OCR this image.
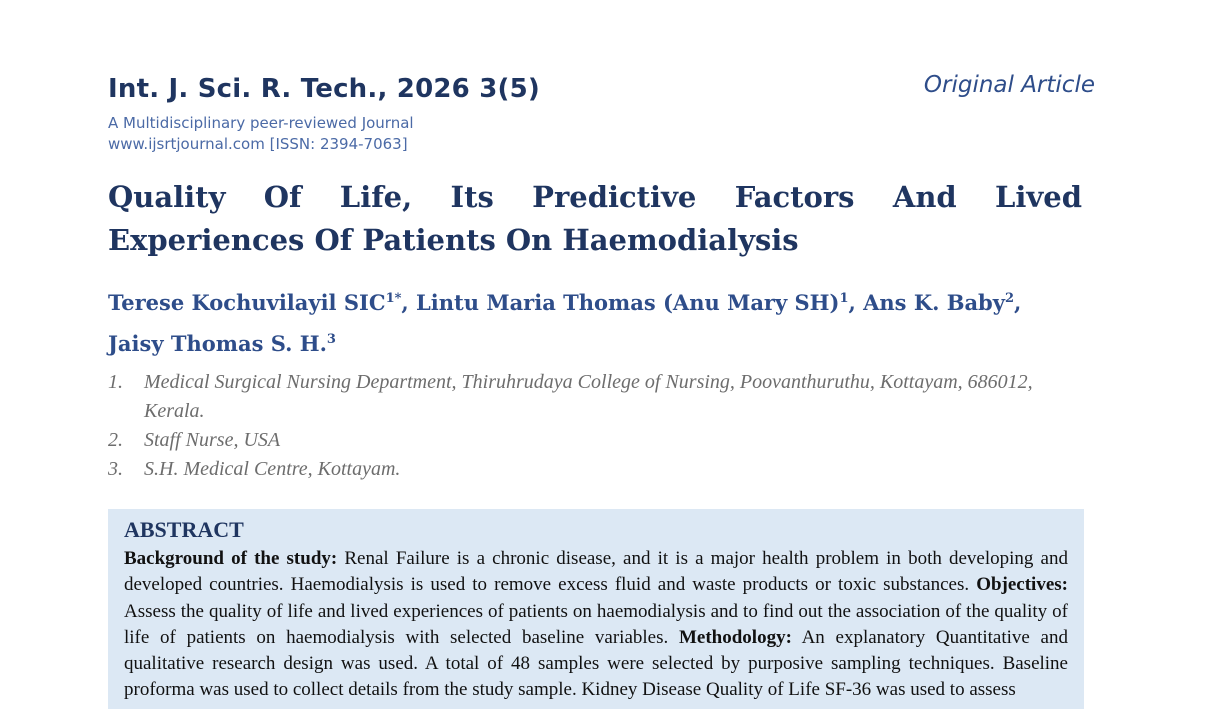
Int. J. Sci. R. Tech., 2026 3(5)	Original Article
A Multidisciplinary peer-reviewed Journal
www.ijsrtjournal.com [ISSN: 2394-7063]
Quality Of Life, Its Predictive Factors And Lived Experiences Of Patients On Haemodialysis
Terese Kochuvilayil $SIC^{1*}$, Lintu Maria Thomas (Anu Mary SH)$^1$, Ans K. Baby$^2$,
Jaisy Thomas S. H.$^3$
1.	Medical Surgical Nursing Department, Thiruhrudaya College of Nursing, Poovanthuruthu, Kottayam, 686012, Kerala.
2.	Staff Nurse, USA
3.	S.H. Medical Centre, Kottayam.
ABSTRACT
Background of the study: Renal Failure is a chronic disease, and it is a major health problem in both developing and developed countries. Haemodialysis is used to remove excess fluid and waste products or toxic substances. Objectives: Assess the quality of life and lived experiences of patients on haemodialysis and to find out the association of the quality of life of patients on haemodialysis with selected baseline variables. Methodology: An explanatory Quantitative and qualitative research design was used. A total of 48 samples were selected by purposive sampling techniques. Baseline proforma was used to collect details from the study sample. Kidney Disease Quality of Life SF-36 was used to assess
